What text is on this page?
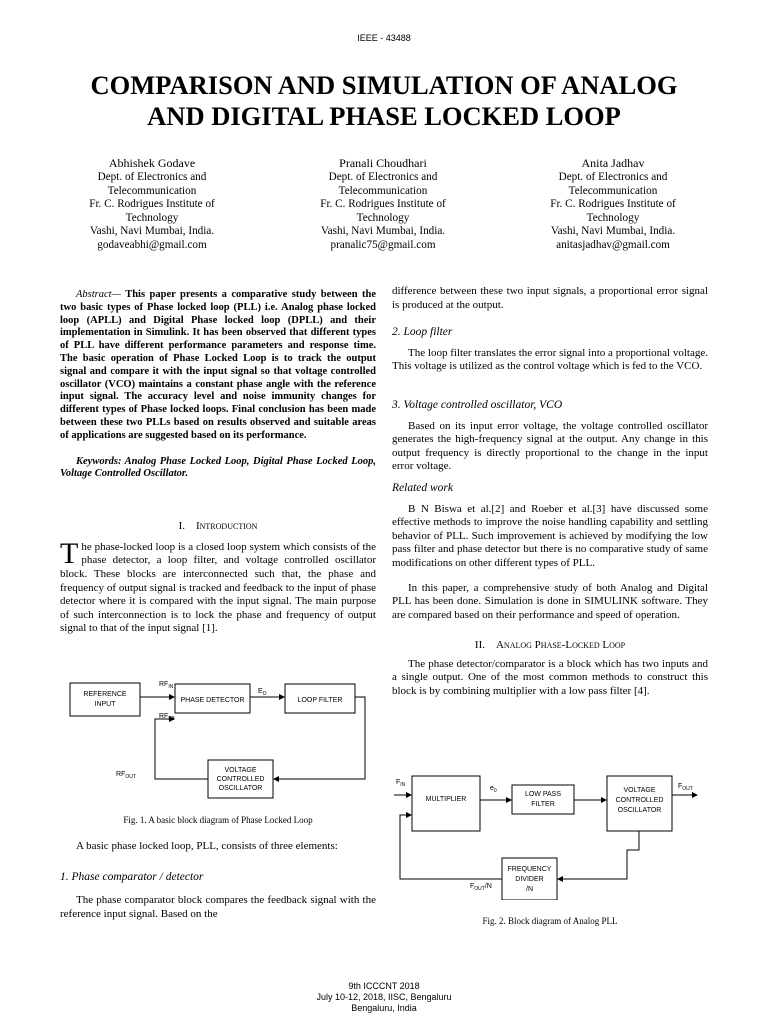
IEEE - 43488
COMPARISON AND SIMULATION OF ANALOG
AND DIGITAL PHASE LOCKED LOOP
Abhishek Godave
Dept. of Electronics and
Telecommunication
Fr. C. Rodrigues Institute of
Technology
Vashi, Navi Mumbai, India.
godaveabhi@gmail.com
Pranali Choudhari
Dept. of Electronics and
Telecommunication
Fr. C. Rodrigues Institute of
Technology
Vashi, Navi Mumbai, India.
pranalic75@gmail.com
Anita Jadhav
Dept. of Electronics and
Telecommunication
Fr. C. Rodrigues Institute of
Technology
Vashi, Navi Mumbai, India.
anitasjadhav@gmail.com

Abstract— This paper presents a comparative study between the two basic types of Phase locked loop (PLL) i.e. Analog phase locked loop (APLL) and Digital Phase locked loop (DPLL) and their implementation in Simulink. It has been observed that different types of PLL have different performance parameters and response time. The basic operation of Phase Locked Loop is to track the output signal and compare it with the input signal so that voltage controlled oscillator (VCO) maintains a constant phase angle with the reference input signal. The accuracy level and noise immunity changes for different types of Phase locked loops. Final conclusion has been made between these two PLLs based on results observed and suitable areas of applications are suggested based on its performance.

Keywords: Analog Phase Locked Loop, Digital Phase Locked Loop, Voltage Controlled Oscillator.

I. Introduction

The phase-locked loop is a closed loop system which consists of the phase detector, a loop filter, and voltage controlled oscillator block. These blocks are interconnected such that, the phase and frequency of output signal is tracked and feedback to the input of phase detector where it is compared with the input signal. The main purpose of such interconnection is to lock the phase and frequency of output signal to that of the input signal [1].

REFERENCE
INPUT
PHASE DETECTOR	LOOP FILTER
VOLTAGE
CONTROLLED
OSCILLATOR
$RF_{IN}$
$E_O$
$RF_{FB}$
$RF_{OUT}$
Fig. 1. A basic block diagram of Phase Locked Loop

A basic phase locked loop, PLL, consists of three elements:

1. Phase comparator / detector

The phase comparator block compares the feedback signal with the reference input signal. Based on the

difference between these two input signals, a proportional error signal is produced at the output.

2. Loop filter

The loop filter translates the error signal into a proportional voltage. This voltage is utilized as the control voltage which is fed to the VCO.

3. Voltage controlled oscillator, VCO

Based on its input error voltage, the voltage controlled oscillator generates the high-frequency signal at the output. Any change in this output frequency is directly proportional to the change in the input error voltage.

Related work

B N Biswa et al.[2] and Roeber et al.[3] have discussed some effective methods to improve the noise handling capability and settling behavior of PLL. Such improvement is achieved by modifying the low pass filter and phase detector but there is no comparative study of same modifications on other different types of PLL.

In this paper, a comprehensive study of both Analog and Digital PLL has been done. Simulation is done in SIMULINK software. They are compared based on their performance and speed of operation.

II. Analog Phase-Locked Loop

The phase detector/comparator is a block which has two inputs and a single output. One of the most common methods to construct this block is by combining multiplier with a low pass filter [4].

MULTIPLIER
LOW PASS
FILTER
VOLTAGE
CONTROLLED
OSCILLATOR
FREQUENCY
DIVIDER
/N
$F_{IN}$	$e_0$
$F_{OUT}$
$F_{OUT}/N$
Fig. 2. Block diagram of Analog PLL
9th ICCCNT 2018
July 10-12, 2018, IISC, Bengaluru
Bengaluru, India
